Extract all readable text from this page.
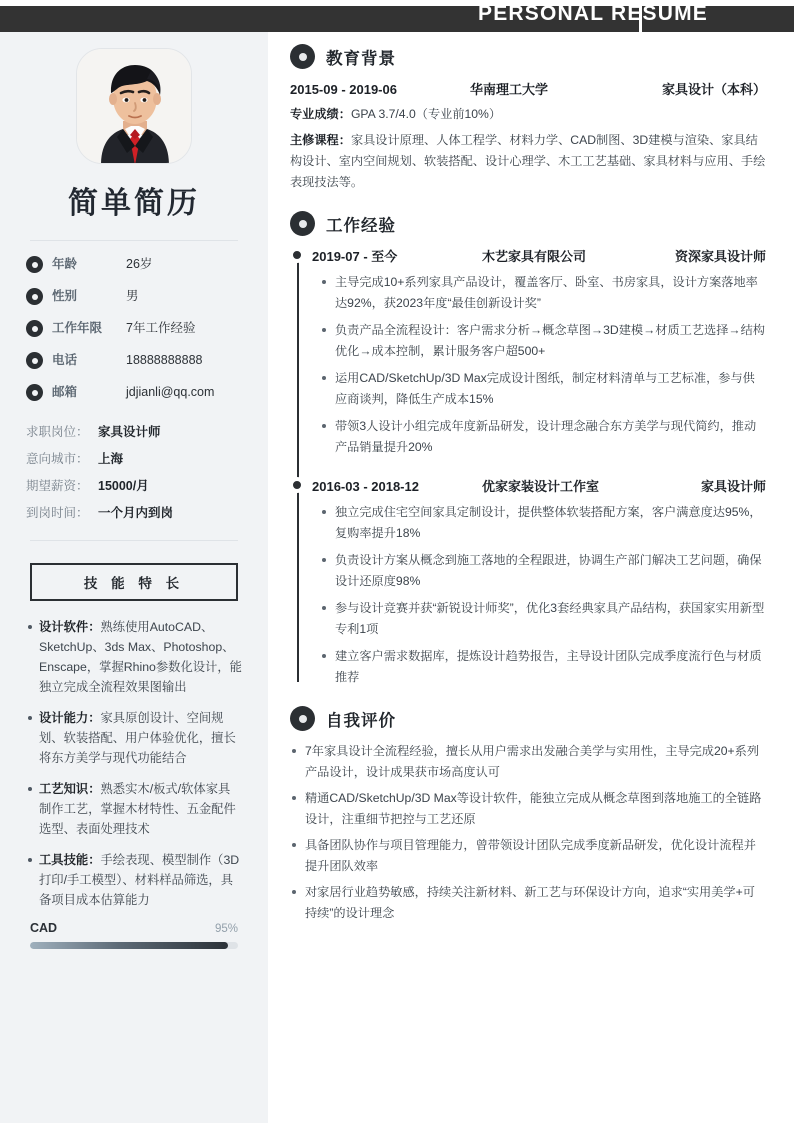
PERSONAL RESUME
简单简历
年龄	26岁
性别	男
工作年限	7年工作经验
电话	18888888888
邮箱	jdjianli@qq.com
求职岗位： 家具设计师
意向城市： 上海
期望薪资： 15000/月
到岗时间： 一个月内到岗
技 能 特 长
设计软件：熟练使用AutoCAD、SketchUp、3ds Max、Photoshop、Enscape，掌握Rhino参数化设计，能独立完成全流程效果图输出
设计能力：家具原创设计、空间规划、软装搭配、用户体验优化，擅长将东方美学与现代功能结合
工艺知识：熟悉实木/板式/软体家具制作工艺，掌握木材特性、五金配件选型、表面处理技术
工具技能：手绘表现、模型制作（3D打印/手工模型）、材料样品筛选，具备项目成本估算能力
CAD	95%
教育背景
2015-09 - 2019-06	华南理工大学	家具设计（本科）
专业成绩：GPA 3.7/4.0（专业前10%）
主修课程：家具设计原理、人体工程学、材料力学、CAD制图、3D建模与渲染、家具结构设计、室内空间规划、软装搭配、设计心理学、木工工艺基础、家具材料与应用、手绘表现技法等。
工作经验
2019-07 - 至今	木艺家具有限公司	资深家具设计师
主导完成10+系列家具产品设计，覆盖客厅、卧室、书房家具，设计方案落地率达92%，获2023年度“最佳创新设计奖”
负责产品全流程设计：客户需求分析→概念草图→3D建模→材质工艺选择→结构优化→成本控制，累计服务客户超500+
运用CAD/SketchUp/3D Max完成设计图纸，制定材料清单与工艺标准，参与供应商谈判，降低生产成本15%
带领3人设计小组完成年度新品研发，设计理念融合东方美学与现代简约，推动产品销量提升20%
2016-03 - 2018-12	优家家装设计工作室	家具设计师
独立完成住宅空间家具定制设计，提供整体软装搭配方案，客户满意度达95%，复购率提升18%
负责设计方案从概念到施工落地的全程跟进，协调生产部门解决工艺问题，确保设计还原度98%
参与设计竞赛并获“新锐设计师奖”，优化3套经典家具产品结构，获国家实用新型专利1项
建立客户需求数据库，提炼设计趋势报告，主导设计团队完成季度流行色与材质推荐
自我评价
7年家具设计全流程经验，擅长从用户需求出发融合美学与实用性，主导完成20+系列产品设计，设计成果获市场高度认可
精通CAD/SketchUp/3D Max等设计软件，能独立完成从概念草图到落地施工的全链路设计，注重细节把控与工艺还原
具备团队协作与项目管理能力，曾带领设计团队完成季度新品研发，优化设计流程并提升团队效率
对家居行业趋势敏感，持续关注新材料、新工艺与环保设计方向，追求“实用美学+可持续”的设计理念
